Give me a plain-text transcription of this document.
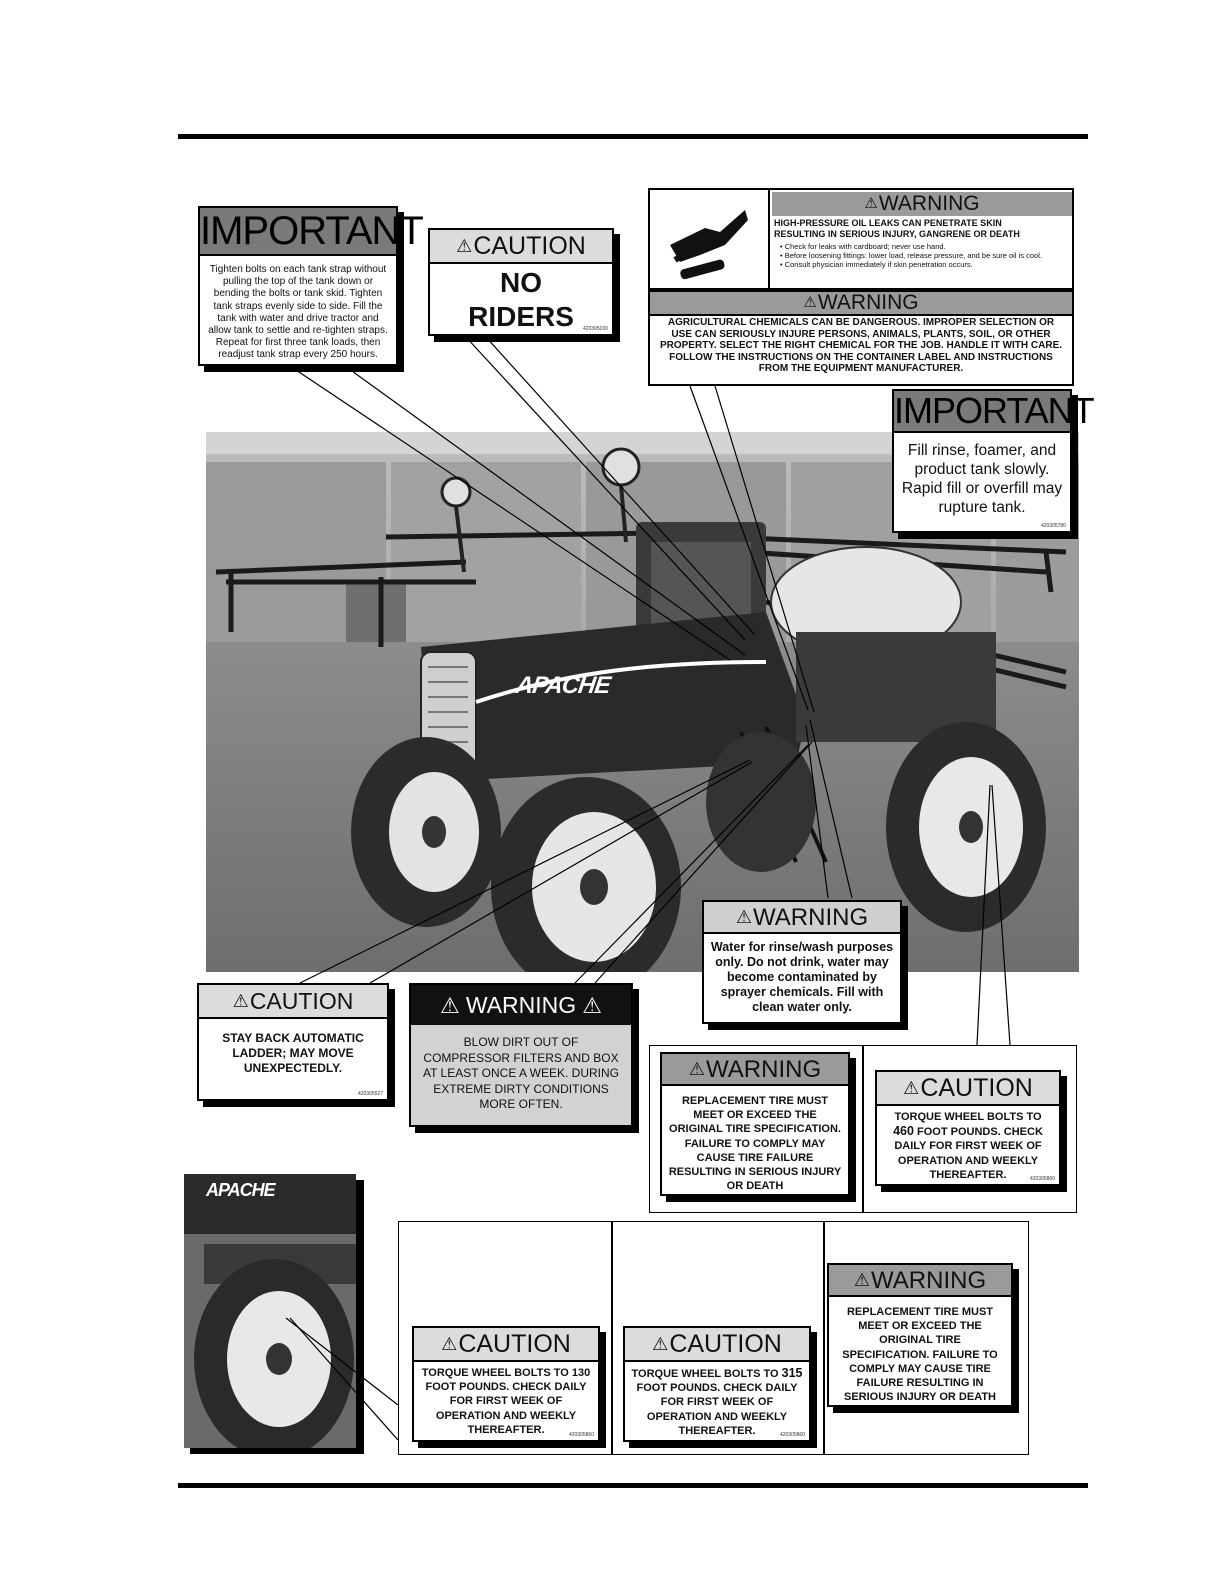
APACHE
APACHE
IMPORTANT
Tighten bolts on each tank strap without pulling the top of the tank down or bending the bolts or tank skid. Tighten tank straps evenly side to side. Fill the tank with water and drive tractor and allow tank to settle and re-tighten straps. Repeat for first three tank loads, then readjust tank strap every 250 hours.
⚠CAUTION
NO
RIDERS	420305030
⚠WARNING
HIGH-PRESSURE OIL LEAKS CAN PENETRATE SKIN
RESULTING IN SERIOUS INJURY, GANGRENE OR DEATH
• Check for leaks with cardboard; never use hand.
• Before loosening fittings: lower load, release pressure, and be sure oil is cool.
• Consult physician immediately if skin penetration occurs.
⚠WARNING
AGRICULTURAL CHEMICALS CAN BE DANGEROUS. IMPROPER SELECTION OR USE CAN SERIOUSLY INJURE PERSONS, ANIMALS, PLANTS, SOIL, OR OTHER PROPERTY. SELECT THE RIGHT CHEMICAL FOR THE JOB. HANDLE IT WITH CARE. FOLLOW THE INSTRUCTIONS ON THE CONTAINER LABEL AND INSTRUCTIONS FROM THE EQUIPMENT MANUFACTURER.
IMPORTANT
Fill rinse, foamer, and product tank slowly. Rapid fill or overfill may rupture tank.
420305780
⚠WARNING
Water for rinse/wash purposes only. Do not drink, water may become contaminated by sprayer chemicals. Fill with clean water only.
⚠CAUTION
STAY BACK AUTOMATIC LADDER; MAY MOVE UNEXPECTEDLY.
420305527
⚠ WARNING ⚠
BLOW DIRT OUT OF COMPRESSOR FILTERS AND BOX AT LEAST ONCE A WEEK. DURING EXTREME DIRTY CONDITIONS MORE OFTEN.
⚠WARNING
REPLACEMENT TIRE MUST MEET OR EXCEED THE ORIGINAL TIRE SPECIFICATION. FAILURE TO COMPLY MAY CAUSE TIRE FAILURE RESULTING IN SERIOUS INJURY OR DEATH
⚠CAUTION
TORQUE WHEEL BOLTS TO 460 FOOT POUNDS. CHECK DAILY FOR FIRST WEEK OF OPERATION AND WEEKLY THEREAFTER.	420305860
⚠CAUTION
TORQUE WHEEL BOLTS TO 130 FOOT POUNDS. CHECK DAILY FOR FIRST WEEK OF OPERATION AND WEEKLY THEREAFTER.	420305860
⚠CAUTION
TORQUE WHEEL BOLTS TO 315 FOOT POUNDS. CHECK DAILY FOR FIRST WEEK OF OPERATION AND WEEKLY THEREAFTER.	420305860
⚠WARNING
REPLACEMENT TIRE MUST MEET OR EXCEED THE ORIGINAL TIRE SPECIFICATION. FAILURE TO COMPLY MAY CAUSE TIRE FAILURE RESULTING IN SERIOUS INJURY OR DEATH
